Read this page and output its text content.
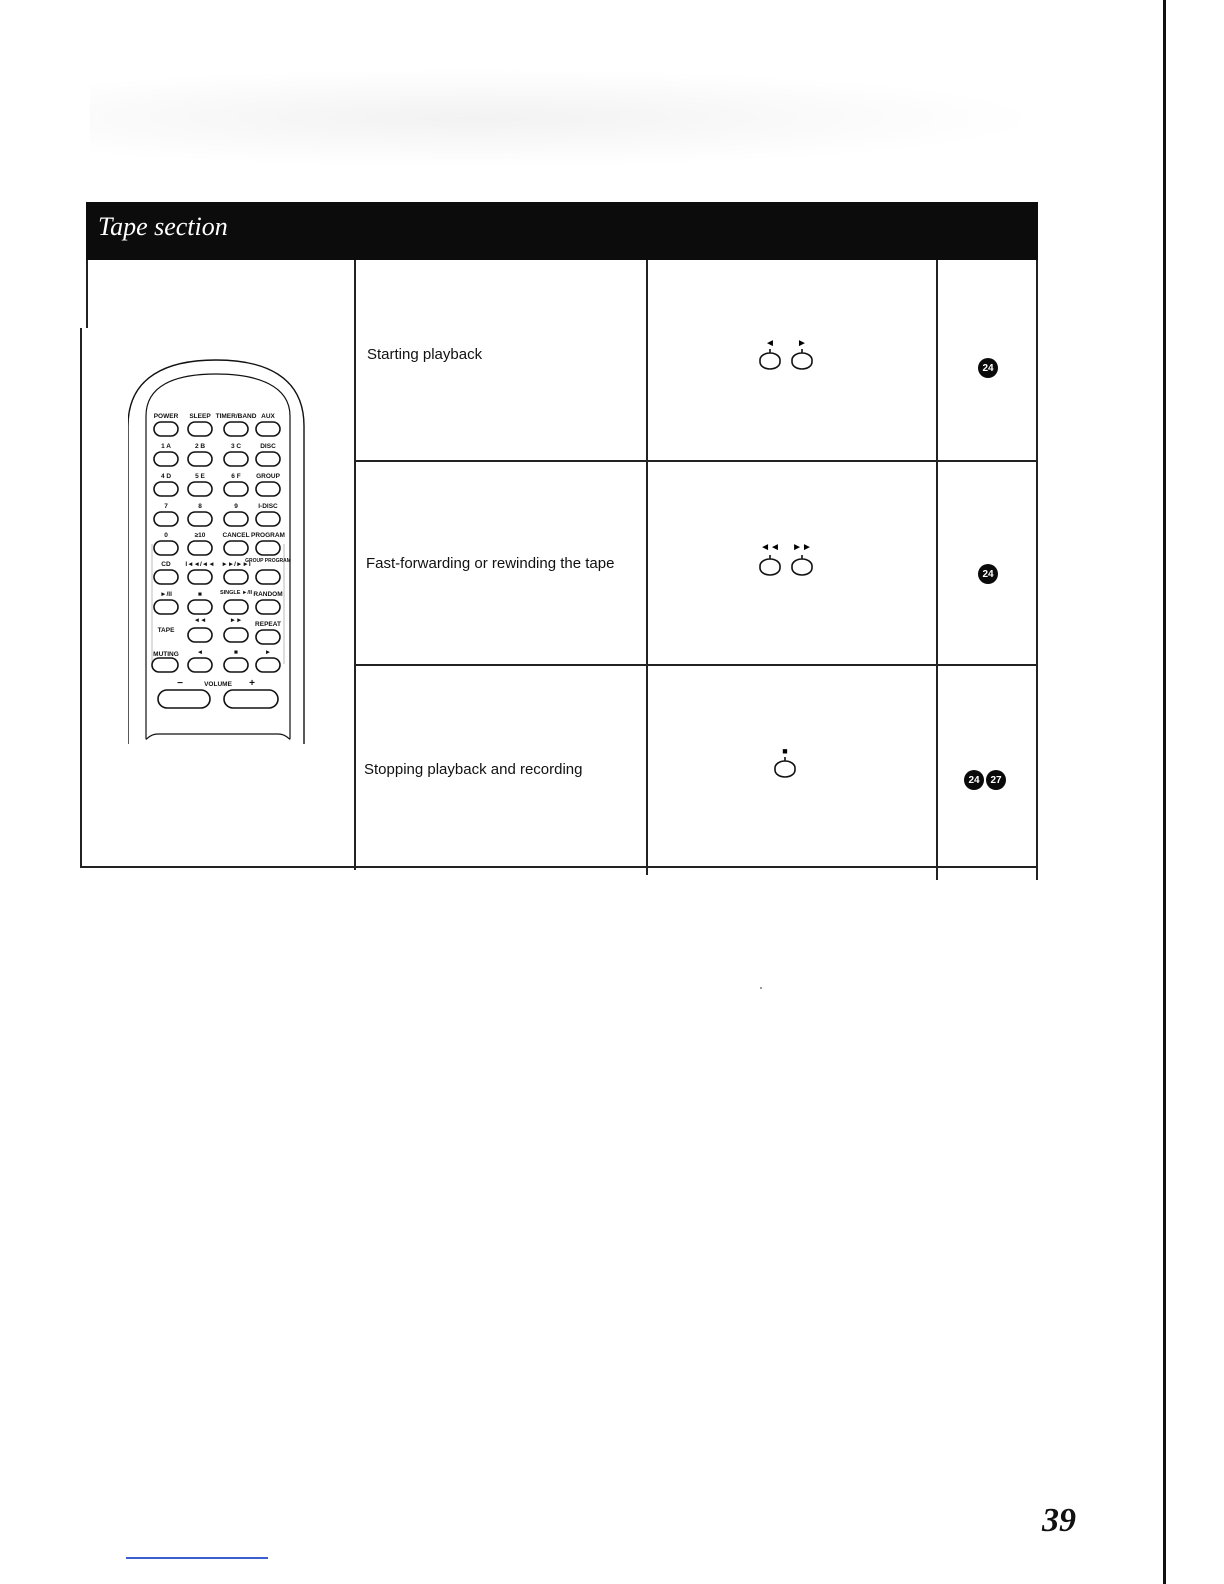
Tape section
Starting playback
◄ ►
24
Fast-forwarding or rewinding the tape
◄◄ ►►
24
Stopping playback and recording
■
24	27
POWER SLEEP TIMER/BAND AUX
1 A	2 B	3 C	DISC
4 D	5 E	6 F GROUP
7	8	9	I-DISC
0	≥10	CANCEL PROGRAM
CD I◄◄/◄◄ ►►/►►I
GROUP PROGRAM
►/II	■	SINGLE ►/II RANDOM
TAPE
◄◄	►►
REPEAT
MUTING	◄	■	►
−	VOLUME +
39
